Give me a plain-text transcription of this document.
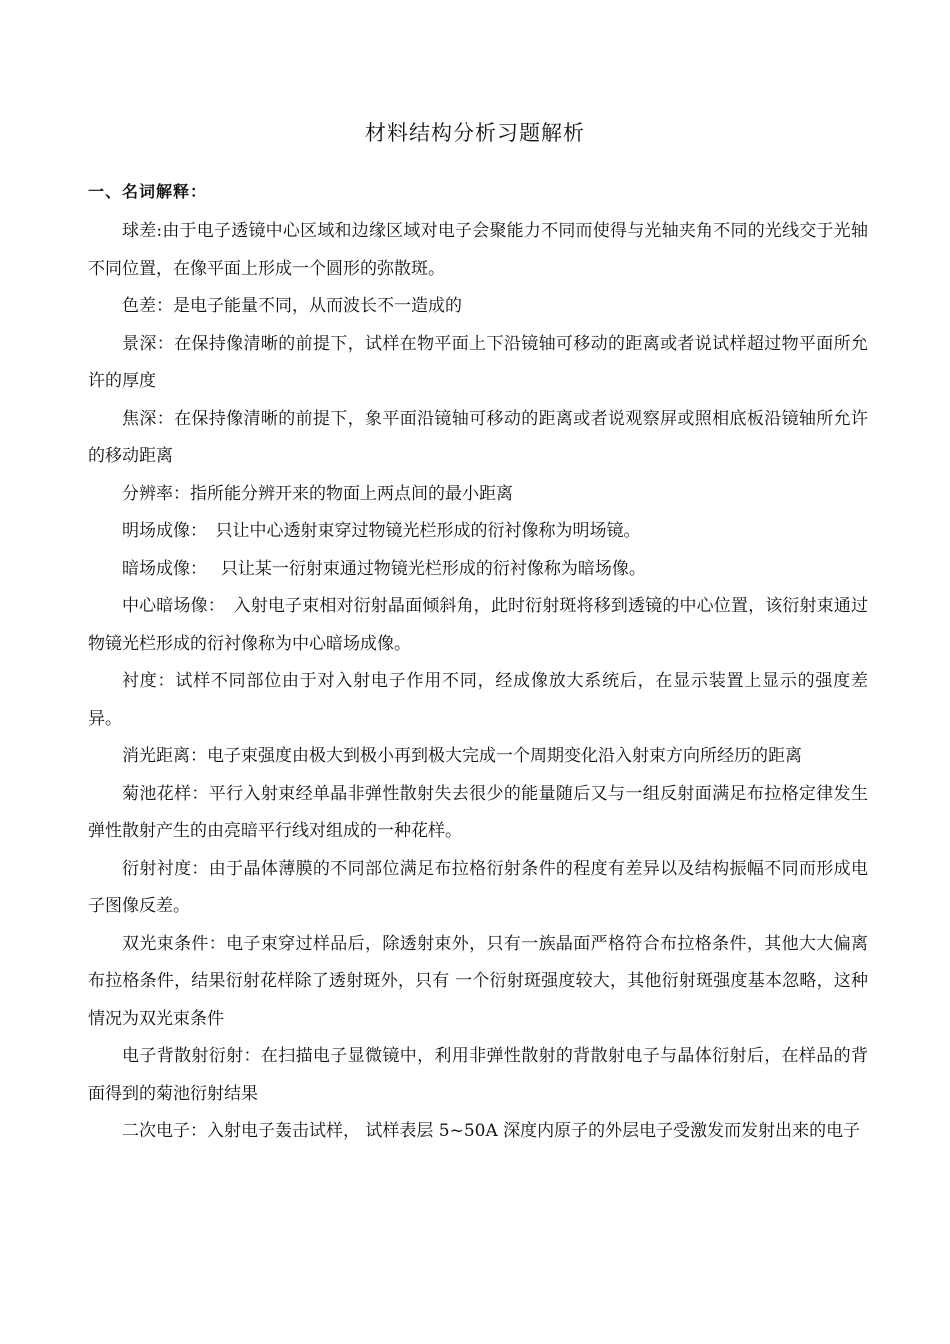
材料结构分析习题解析
一、名词解释：

球差:由于电子透镜中心区域和边缘区域对电子会聚能力不同而使得与光轴夹角不同的光线交于光轴不同位置，在像平面上形成一个圆形的弥散斑。

色差：是电子能量不同，从而波长不一造成的

景深：在保持像清晰的前提下，试样在物平面上下沿镜轴可移动的距离或者说试样超过物平面所允许的厚度

焦深：在保持像清晰的前提下，象平面沿镜轴可移动的距离或者说观察屏或照相底板沿镜轴所允许的移动距离

分辨率：指所能分辨开来的物面上两点间的最小距离

明场成像：　只让中心透射束穿过物镜光栏形成的衍衬像称为明场镜。

暗场成像：　 只让某一衍射束通过物镜光栏形成的衍衬像称为暗场像。

中心暗场像：　入射电子束相对衍射晶面倾斜角，此时衍射斑将移到透镜的中心位置，该衍射束通过物镜光栏形成的衍衬像称为中心暗场成像。

衬度：试样不同部位由于对入射电子作用不同，经成像放大系统后，在显示装置上显示的强度差异。

消光距离：电子束强度由极大到极小再到极大完成一个周期变化沿入射束方向所经历的距离

菊池花样：平行入射束经单晶非弹性散射失去很少的能量随后又与一组反射面满足布拉格定律发生弹性散射产生的由亮暗平行线对组成的一种花样。

衍射衬度：由于晶体薄膜的不同部位满足布拉格衍射条件的程度有差异以及结构振幅不同而形成电子图像反差。

双光束条件：电子束穿过样品后，除透射束外，只有一族晶面严格符合布拉格条件，其他大大偏离布拉格条件，结果衍射花样除了透射斑外，只有 一个衍射斑强度较大，其他衍射斑强度基本忽略，这种情况为双光束条件

电子背散射衍射：在扫描电子显微镜中，利用非弹性散射的背散射电子与晶体衍射后，在样品的背面得到的菊池衍射结果

二次电子：入射电子轰击试样， 试样表层 5~50A 深度内原子的外层电子受激发而发射出来的电子
